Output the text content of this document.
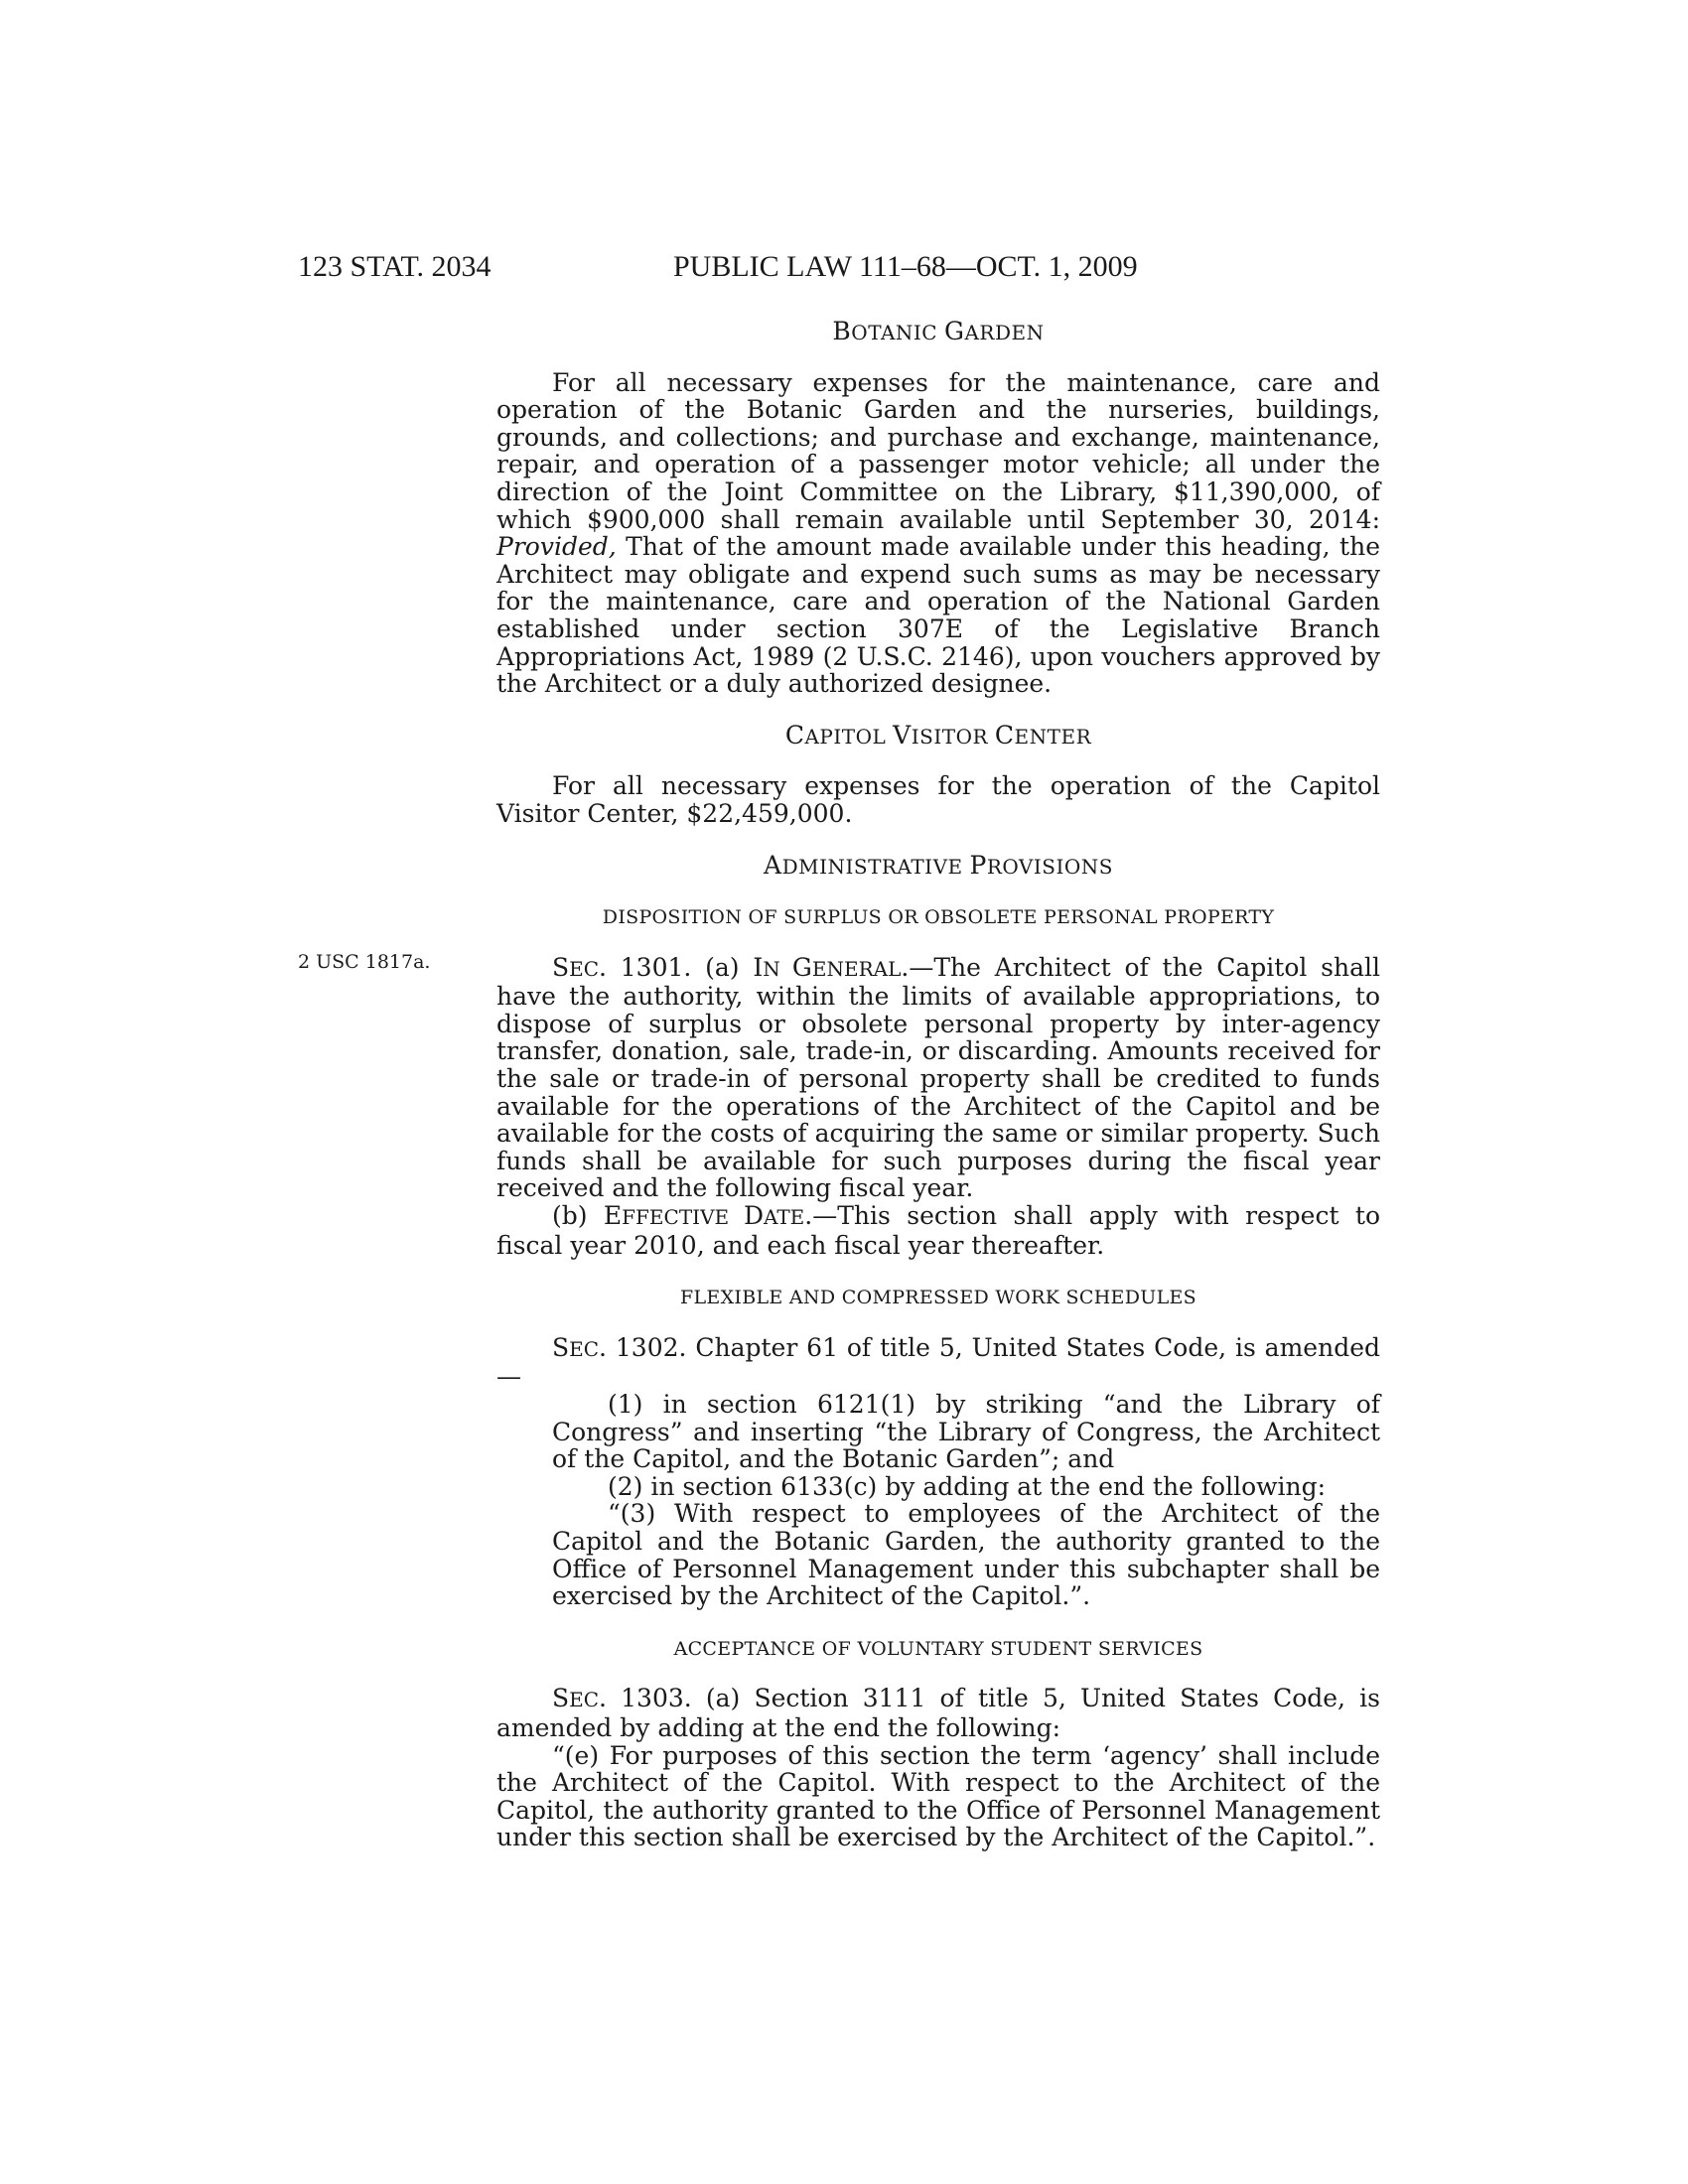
123 STAT. 2034	PUBLIC LAW 111–68—OCT. 1, 2009
2 USC 1817a.
BOTANIC GARDEN

For all necessary expenses for the maintenance, care and operation of the Botanic Garden and the nurseries, buildings, grounds, and collections; and purchase and exchange, maintenance, repair, and operation of a passenger motor vehicle; all under the direction of the Joint Committee on the Library, $11,390,000, of which $900,000 shall remain available until September 30, 2014: Provided, That of the amount made available under this heading, the Architect may obligate and expend such sums as may be necessary for the maintenance, care and operation of the National Garden established under section 307E of the Legislative Branch Appropriations Act, 1989 (2 U.S.C. 2146), upon vouchers approved by the Architect or a duly authorized designee.

CAPITOL VISITOR CENTER

For all necessary expenses for the operation of the Capitol Visitor Center, $22,459,000.

ADMINISTRATIVE PROVISIONS
DISPOSITION OF SURPLUS OR OBSOLETE PERSONAL PROPERTY

SEC. 1301. (a) IN GENERAL.—The Architect of the Capitol shall have the authority, within the limits of available appropriations, to dispose of surplus or obsolete personal property by inter-agency transfer, donation, sale, trade-in, or discarding. Amounts received for the sale or trade-in of personal property shall be credited to funds available for the operations of the Architect of the Capitol and be available for the costs of acquiring the same or similar property. Such funds shall be available for such purposes during the fiscal year received and the following fiscal year.

(b) EFFECTIVE DATE.—This section shall apply with respect to fiscal year 2010, and each fiscal year thereafter.

FLEXIBLE AND COMPRESSED WORK SCHEDULES

SEC. 1302. Chapter 61 of title 5, United States Code, is amended—

(1) in section 6121(1) by striking “and the Library of Congress” and inserting “the Library of Congress, the Architect of the Capitol, and the Botanic Garden”; and

(2) in section 6133(c) by adding at the end the following:

“(3) With respect to employees of the Architect of the Capitol and the Botanic Garden, the authority granted to the Office of Personnel Management under this subchapter shall be exercised by the Architect of the Capitol.”.

ACCEPTANCE OF VOLUNTARY STUDENT SERVICES

SEC. 1303. (a) Section 3111 of title 5, United States Code, is amended by adding at the end the following:

“(e) For purposes of this section the term ‘agency’ shall include the Architect of the Capitol. With respect to the Architect of the Capitol, the authority granted to the Office of Personnel Management under this section shall be exercised by the Architect of the Capitol.”.
